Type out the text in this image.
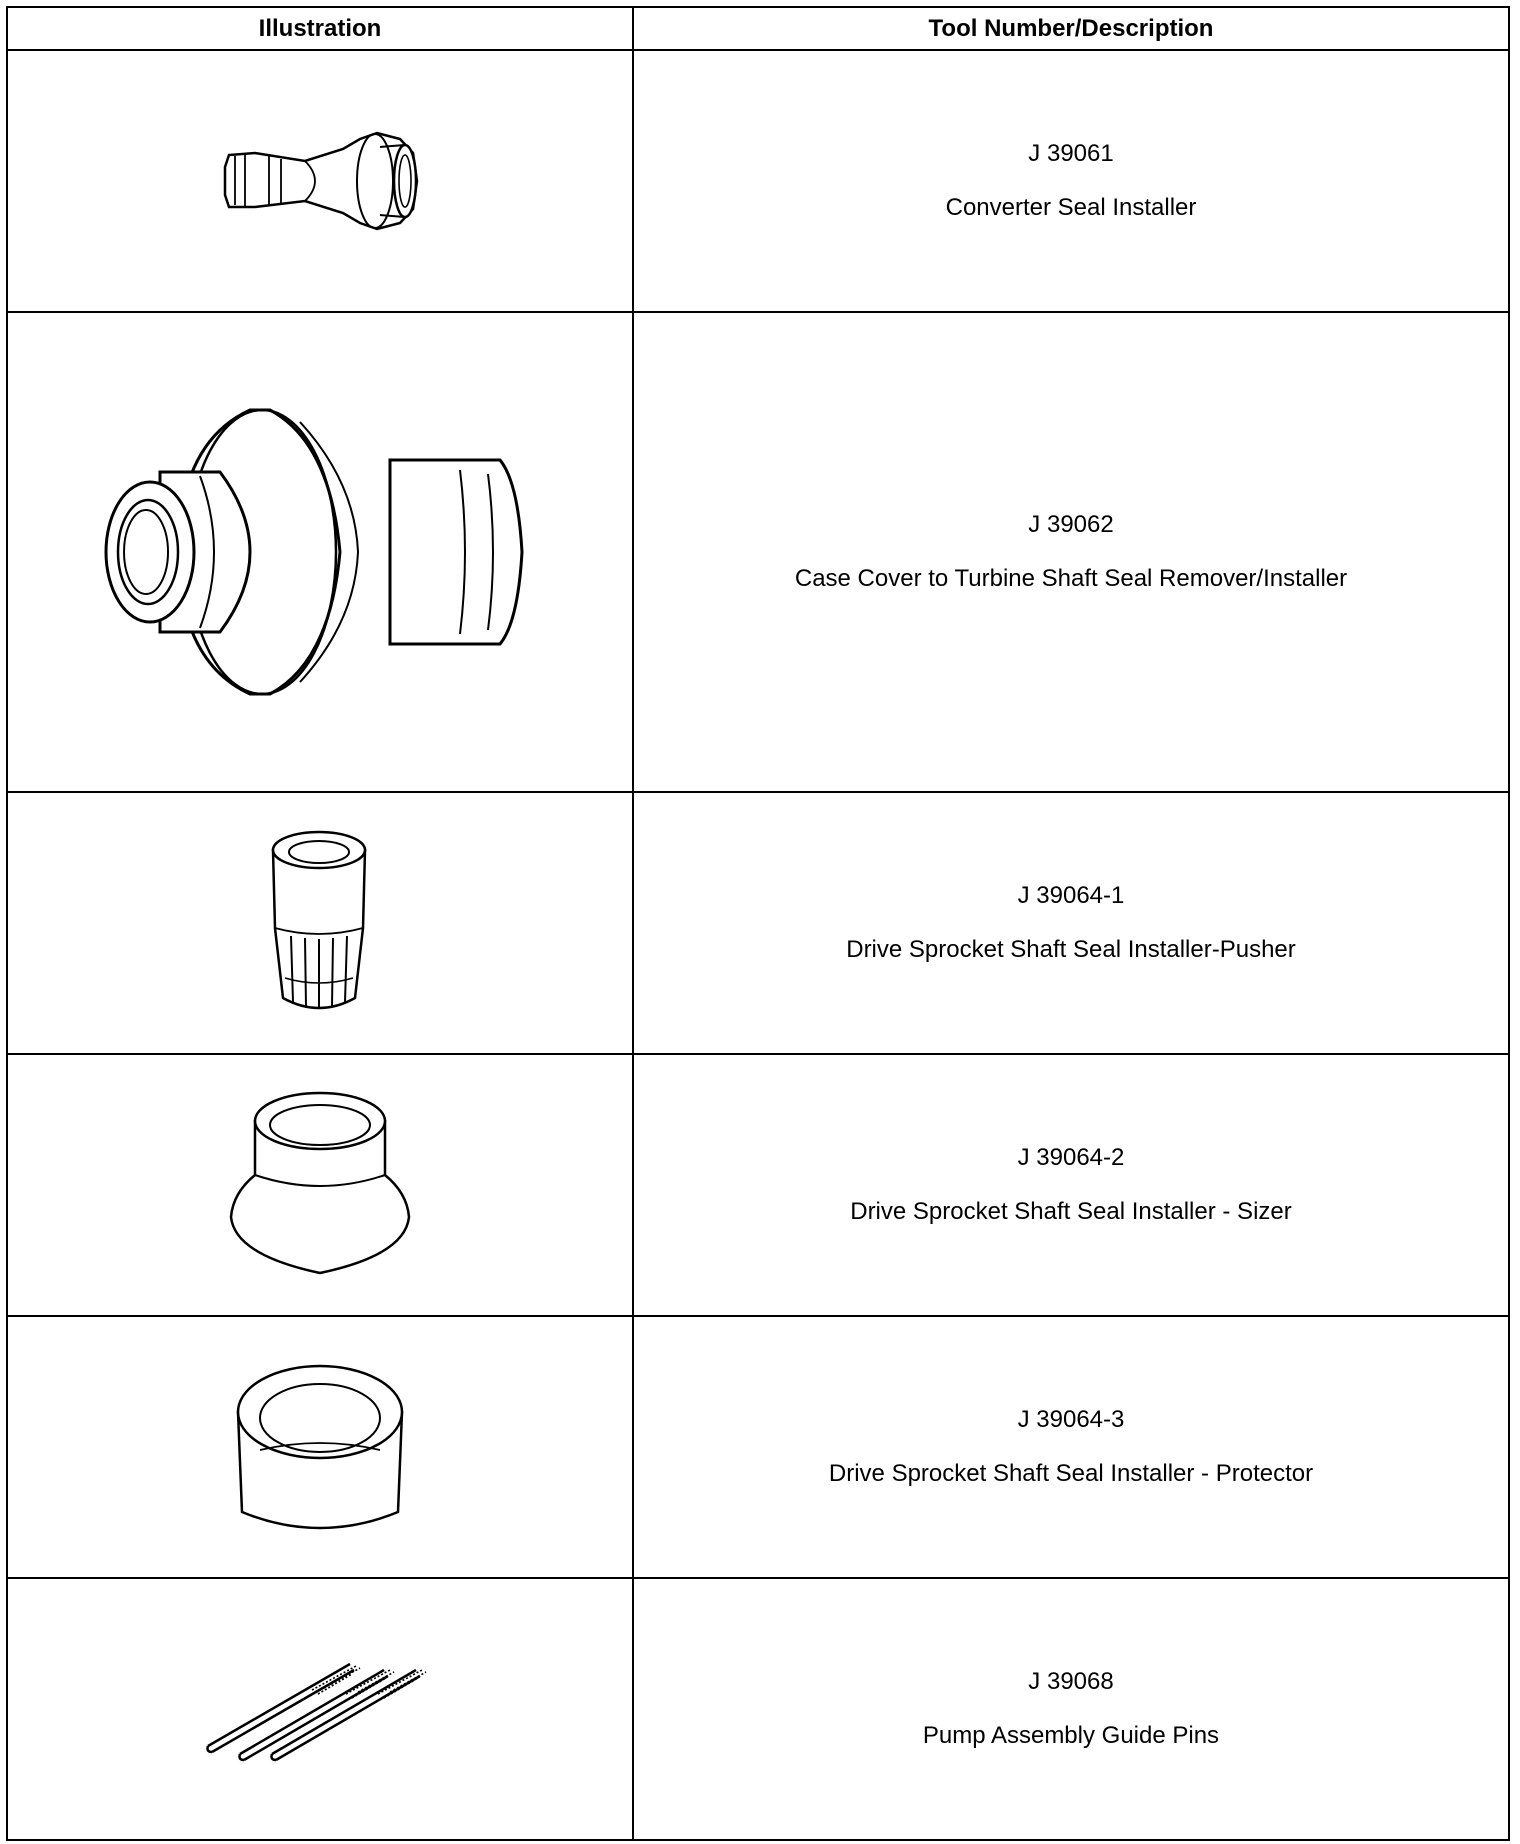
Illustration	Tool Number/Description

J 39061
Converter Seal Installer

J 39062
Case Cover to Turbine Shaft Seal Remover/Installer

J 39064-1
Drive Sprocket Shaft Seal Installer-Pusher

J 39064-2
Drive Sprocket Shaft Seal Installer - Sizer

J 39064-3
Drive Sprocket Shaft Seal Installer - Protector

J 39068
Pump Assembly Guide Pins
